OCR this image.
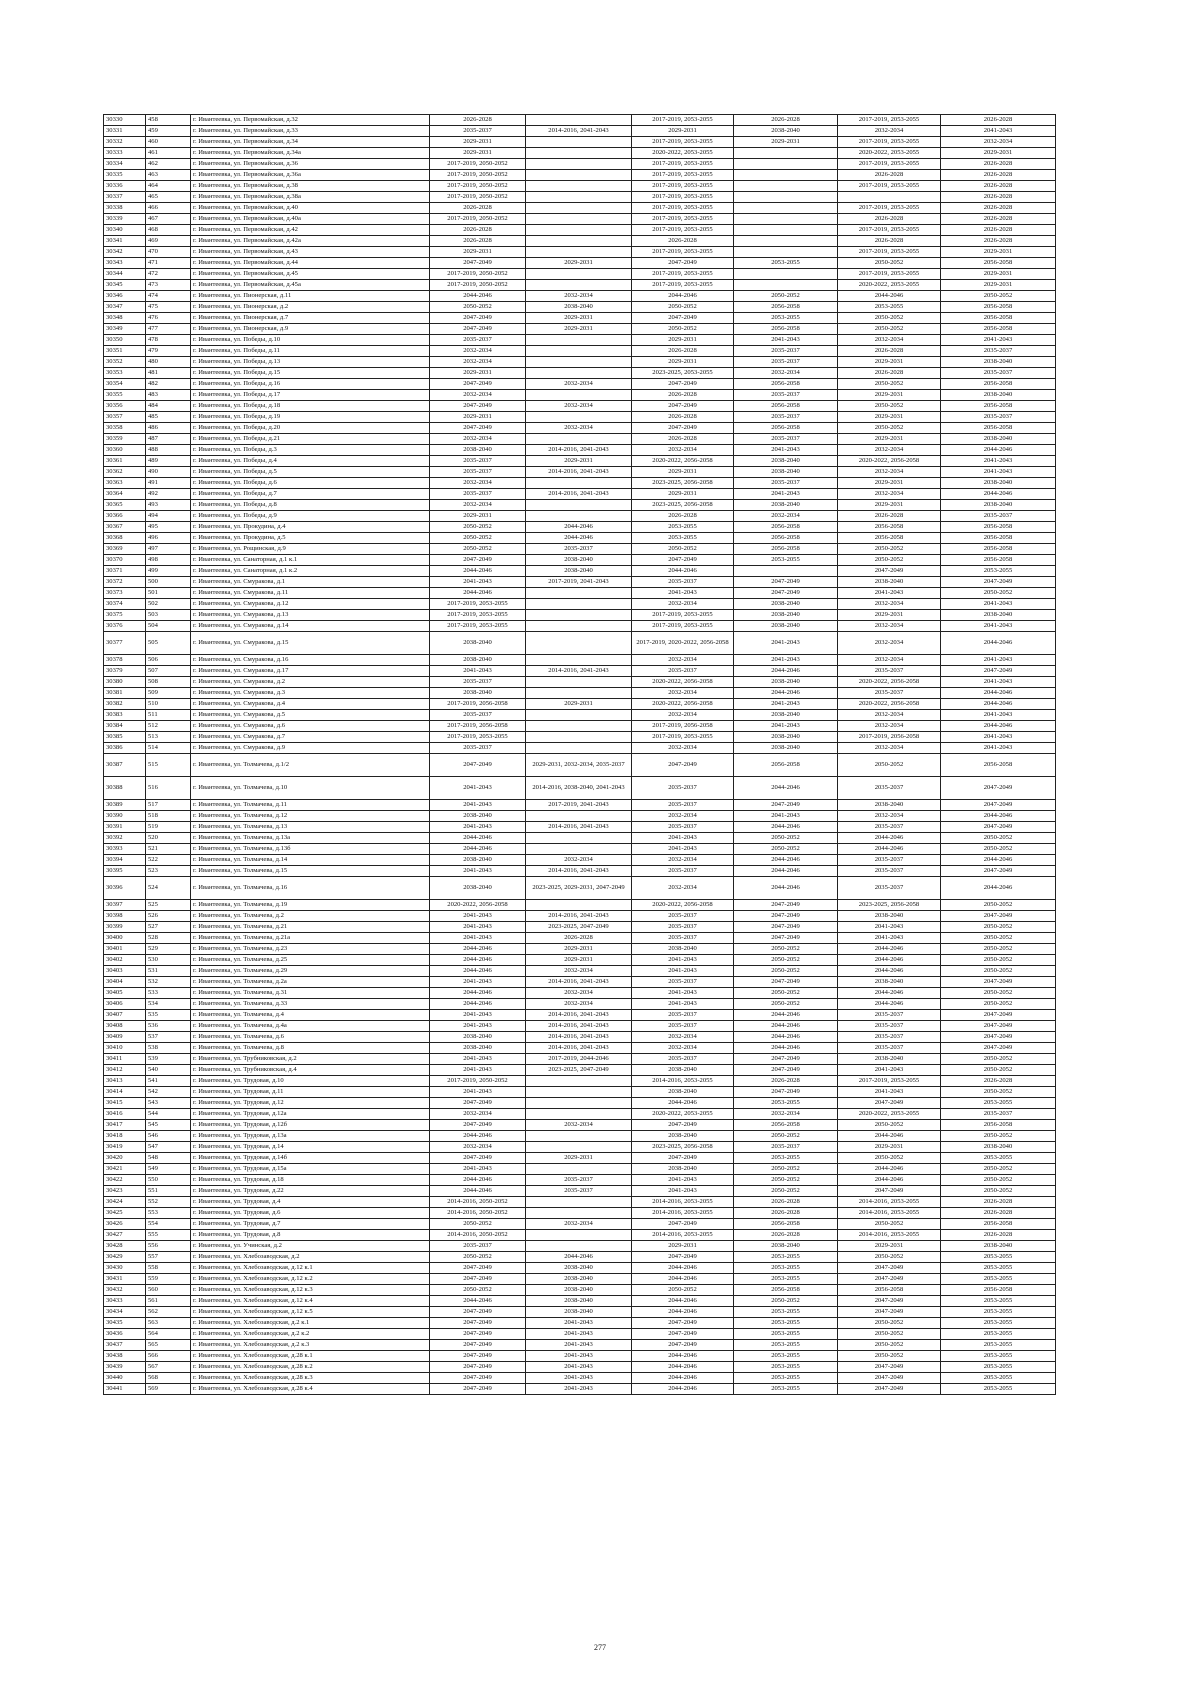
30330	458	г. Ивантеевка, ул. Первомайская, д.32	2026-2028		2017-2019, 2053-2055	2026-2028	2017-2019, 2053-2055	2026-2028
30331	459	г. Ивантеевка, ул. Первомайская, д.33	2035-2037	2014-2016, 2041-2043	2029-2031	2038-2040	2032-2034	2041-2043
30332	460	г. Ивантеевка, ул. Первомайская, д.34	2029-2031		2017-2019, 2053-2055	2029-2031	2017-2019, 2053-2055	2032-2034
30333	461	г. Ивантеевка, ул. Первомайская, д.34а	2029-2031		2020-2022, 2053-2055		2020-2022, 2053-2055	2029-2031
30334	462	г. Ивантеевка, ул. Первомайская, д.36	2017-2019, 2050-2052		2017-2019, 2053-2055		2017-2019, 2053-2055	2026-2028
30335	463	г. Ивантеевка, ул. Первомайская, д.36а	2017-2019, 2050-2052		2017-2019, 2053-2055		2026-2028	2026-2028
30336	464	г. Ивантеевка, ул. Первомайская, д.38	2017-2019, 2050-2052		2017-2019, 2053-2055		2017-2019, 2053-2055	2026-2028
30337	465	г. Ивантеевка, ул. Первомайская, д.38а	2017-2019, 2050-2052		2017-2019, 2053-2055			2026-2028
30338	466	г. Ивантеевка, ул. Первомайская, д.40	2026-2028		2017-2019, 2053-2055		2017-2019, 2053-2055	2026-2028
30339	467	г. Ивантеевка, ул. Первомайская, д.40а	2017-2019, 2050-2052		2017-2019, 2053-2055		2026-2028	2026-2028
30340	468	г. Ивантеевка, ул. Первомайская, д.42	2026-2028		2017-2019, 2053-2055		2017-2019, 2053-2055	2026-2028
30341	469	г. Ивантеевка, ул. Первомайская, д.42а	2026-2028		2026-2028		2026-2028	2026-2028
30342	470	г. Ивантеевка, ул. Первомайская, д.43	2029-2031		2017-2019, 2053-2055		2017-2019, 2053-2055	2029-2031
30343	471	г. Ивантеевка, ул. Первомайская, д.44	2047-2049	2029-2031	2047-2049	2053-2055	2050-2052	2056-2058
30344	472	г. Ивантеевка, ул. Первомайская, д.45	2017-2019, 2050-2052		2017-2019, 2053-2055		2017-2019, 2053-2055	2029-2031
30345	473	г. Ивантеевка, ул. Первомайская, д.45а	2017-2019, 2050-2052		2017-2019, 2053-2055		2020-2022, 2053-2055	2029-2031
30346	474	г. Ивантеевка, ул. Пионерская, д.11	2044-2046	2032-2034	2044-2046	2050-2052	2044-2046	2050-2052
30347	475	г. Ивантеевка, ул. Пионерская, д.2	2050-2052	2038-2040	2050-2052	2056-2058	2053-2055	2056-2058
30348	476	г. Ивантеевка, ул. Пионерская, д.7	2047-2049	2029-2031	2047-2049	2053-2055	2050-2052	2056-2058
30349	477	г. Ивантеевка, ул. Пионерская, д.9	2047-2049	2029-2031	2050-2052	2056-2058	2050-2052	2056-2058
30350	478	г. Ивантеевка, ул. Победы, д.10	2035-2037		2029-2031	2041-2043	2032-2034	2041-2043
30351	479	г. Ивантеевка, ул. Победы, д.11	2032-2034		2026-2028	2035-2037	2026-2028	2035-2037
30352	480	г. Ивантеевка, ул. Победы, д.13	2032-2034		2029-2031	2035-2037	2029-2031	2038-2040
30353	481	г. Ивантеевка, ул. Победы, д.15	2029-2031		2023-2025, 2053-2055	2032-2034	2026-2028	2035-2037
30354	482	г. Ивантеевка, ул. Победы, д.16	2047-2049	2032-2034	2047-2049	2056-2058	2050-2052	2056-2058
30355	483	г. Ивантеевка, ул. Победы, д.17	2032-2034		2026-2028	2035-2037	2029-2031	2038-2040
30356	484	г. Ивантеевка, ул. Победы, д.18	2047-2049	2032-2034	2047-2049	2056-2058	2050-2052	2056-2058
30357	485	г. Ивантеевка, ул. Победы, д.19	2029-2031		2026-2028	2035-2037	2029-2031	2035-2037
30358	486	г. Ивантеевка, ул. Победы, д.20	2047-2049	2032-2034	2047-2049	2056-2058	2050-2052	2056-2058
30359	487	г. Ивантеевка, ул. Победы, д.21	2032-2034		2026-2028	2035-2037	2029-2031	2038-2040
30360	488	г. Ивантеевка, ул. Победы, д.3	2038-2040	2014-2016, 2041-2043	2032-2034	2041-2043	2032-2034	2044-2046
30361	489	г. Ивантеевка, ул. Победы, д.4	2035-2037	2029-2031	2020-2022, 2056-2058	2038-2040	2020-2022, 2056-2058	2041-2043
30362	490	г. Ивантеевка, ул. Победы, д.5	2035-2037	2014-2016, 2041-2043	2029-2031	2038-2040	2032-2034	2041-2043
30363	491	г. Ивантеевка, ул. Победы, д.6	2032-2034		2023-2025, 2056-2058	2035-2037	2029-2031	2038-2040
30364	492	г. Ивантеевка, ул. Победы, д.7	2035-2037	2014-2016, 2041-2043	2029-2031	2041-2043	2032-2034	2044-2046
30365	493	г. Ивантеевка, ул. Победы, д.8	2032-2034		2023-2025, 2056-2058	2038-2040	2029-2031	2038-2040
30366	494	г. Ивантеевка, ул. Победы, д.9	2029-2031		2026-2028	2032-2034	2026-2028	2035-2037
30367	495	г. Ивантеевка, ул. Прокудина, д.4	2050-2052	2044-2046	2053-2055	2056-2058	2056-2058	2056-2058
30368	496	г. Ивантеевка, ул. Прокудина, д.5	2050-2052	2044-2046	2053-2055	2056-2058	2056-2058	2056-2058
30369	497	г. Ивантеевка, ул. Рощинская, д.9	2050-2052	2035-2037	2050-2052	2056-2058	2050-2052	2056-2058
30370	498	г. Ивантеевка, ул. Санаторная, д.1 к.1	2047-2049	2038-2040	2047-2049	2053-2055	2050-2052	2056-2058
30371	499	г. Ивантеевка, ул. Санаторная, д.1 к.2	2044-2046	2038-2040	2044-2046		2047-2049	2053-2055
30372	500	г. Ивантеевка, ул. Смуракова, д.1	2041-2043	2017-2019, 2041-2043	2035-2037	2047-2049	2038-2040	2047-2049
30373	501	г. Ивантеевка, ул. Смуракова, д.11	2044-2046		2041-2043	2047-2049	2041-2043	2050-2052
30374	502	г. Ивантеевка, ул. Смуракова, д.12	2017-2019, 2053-2055		2032-2034	2038-2040	2032-2034	2041-2043
30375	503	г. Ивантеевка, ул. Смуракова, д.13	2017-2019, 2053-2055		2017-2019, 2053-2055	2038-2040	2029-2031	2038-2040
30376	504	г. Ивантеевка, ул. Смуракова, д.14	2017-2019, 2053-2055		2017-2019, 2053-2055	2038-2040	2032-2034	2041-2043
30377	505	г. Ивантеевка, ул. Смуракова, д.15	2038-2040		2017-2019, 2020-2022, 2056-2058	2041-2043	2032-2034	2044-2046
30378	506	г. Ивантеевка, ул. Смуракова, д.16	2038-2040		2032-2034	2041-2043	2032-2034	2041-2043
30379	507	г. Ивантеевка, ул. Смуракова, д.17	2041-2043	2014-2016, 2041-2043	2035-2037	2044-2046	2035-2037	2047-2049
30380	508	г. Ивантеевка, ул. Смуракова, д.2	2035-2037		2020-2022, 2056-2058	2038-2040	2020-2022, 2056-2058	2041-2043
30381	509	г. Ивантеевка, ул. Смуракова, д.3	2038-2040		2032-2034	2044-2046	2035-2037	2044-2046
30382	510	г. Ивантеевка, ул. Смуракова, д.4	2017-2019, 2056-2058	2029-2031	2020-2022, 2056-2058	2041-2043	2020-2022, 2056-2058	2044-2046
30383	511	г. Ивантеевка, ул. Смуракова, д.5	2035-2037		2032-2034	2038-2040	2032-2034	2041-2043
30384	512	г. Ивантеевка, ул. Смуракова, д.6	2017-2019, 2056-2058		2017-2019, 2056-2058	2041-2043	2032-2034	2044-2046
30385	513	г. Ивантеевка, ул. Смуракова, д.7	2017-2019, 2053-2055		2017-2019, 2053-2055	2038-2040	2017-2019, 2056-2058	2041-2043
30386	514	г. Ивантеевка, ул. Смуракова, д.9	2035-2037		2032-2034	2038-2040	2032-2034	2041-2043
30387	515	г. Ивантеевка, ул. Толмачева, д.1/2	2047-2049	2029-2031, 2032-2034, 2035-2037	2047-2049	2056-2058	2050-2052	2056-2058
30388	516	г. Ивантеевка, ул. Толмачева, д.10	2041-2043	2014-2016, 2038-2040, 2041-2043	2035-2037	2044-2046	2035-2037	2047-2049
30389	517	г. Ивантеевка, ул. Толмачева, д.11	2041-2043	2017-2019, 2041-2043	2035-2037	2047-2049	2038-2040	2047-2049
30390	518	г. Ивантеевка, ул. Толмачева, д.12	2038-2040		2032-2034	2041-2043	2032-2034	2044-2046
30391	519	г. Ивантеевка, ул. Толмачева, д.13	2041-2043	2014-2016, 2041-2043	2035-2037	2044-2046	2035-2037	2047-2049
30392	520	г. Ивантеевка, ул. Толмачева, д.13а	2044-2046		2041-2043	2050-2052	2044-2046	2050-2052
30393	521	г. Ивантеевка, ул. Толмачева, д.13б	2044-2046		2041-2043	2050-2052	2044-2046	2050-2052
30394	522	г. Ивантеевка, ул. Толмачева, д.14	2038-2040	2032-2034	2032-2034	2044-2046	2035-2037	2044-2046
30395	523	г. Ивантеевка, ул. Толмачева, д.15	2041-2043	2014-2016, 2041-2043	2035-2037	2044-2046	2035-2037	2047-2049
30396	524	г. Ивантеевка, ул. Толмачева, д.16	2038-2040	2023-2025, 2029-2031, 2047-2049	2032-2034	2044-2046	2035-2037	2044-2046
30397	525	г. Ивантеевка, ул. Толмачева, д.19	2020-2022, 2056-2058		2020-2022, 2056-2058	2047-2049	2023-2025, 2056-2058	2050-2052
30398	526	г. Ивантеевка, ул. Толмачева, д.2	2041-2043	2014-2016, 2041-2043	2035-2037	2047-2049	2038-2040	2047-2049
30399	527	г. Ивантеевка, ул. Толмачева, д.21	2041-2043	2023-2025, 2047-2049	2035-2037	2047-2049	2041-2043	2050-2052
30400	528	г. Ивантеевка, ул. Толмачева, д.21а	2041-2043	2026-2028	2035-2037	2047-2049	2041-2043	2050-2052
30401	529	г. Ивантеевка, ул. Толмачева, д.23	2044-2046	2029-2031	2038-2040	2050-2052	2044-2046	2050-2052
30402	530	г. Ивантеевка, ул. Толмачева, д.25	2044-2046	2029-2031	2041-2043	2050-2052	2044-2046	2050-2052
30403	531	г. Ивантеевка, ул. Толмачева, д.29	2044-2046	2032-2034	2041-2043	2050-2052	2044-2046	2050-2052
30404	532	г. Ивантеевка, ул. Толмачева, д.2а	2041-2043	2014-2016, 2041-2043	2035-2037	2047-2049	2038-2040	2047-2049
30405	533	г. Ивантеевка, ул. Толмачева, д.31	2044-2046	2032-2034	2041-2043	2050-2052	2044-2046	2050-2052
30406	534	г. Ивантеевка, ул. Толмачева, д.33	2044-2046	2032-2034	2041-2043	2050-2052	2044-2046	2050-2052
30407	535	г. Ивантеевка, ул. Толмачева, д.4	2041-2043	2014-2016, 2041-2043	2035-2037	2044-2046	2035-2037	2047-2049
30408	536	г. Ивантеевка, ул. Толмачева, д.4а	2041-2043	2014-2016, 2041-2043	2035-2037	2044-2046	2035-2037	2047-2049
30409	537	г. Ивантеевка, ул. Толмачева, д.6	2038-2040	2014-2016, 2041-2043	2032-2034	2044-2046	2035-2037	2047-2049
30410	538	г. Ивантеевка, ул. Толмачева, д.8	2038-2040	2014-2016, 2041-2043	2032-2034	2044-2046	2035-2037	2047-2049
30411	539	г. Ивантеевка, ул. Трубниковская, д.2	2041-2043	2017-2019, 2044-2046	2035-2037	2047-2049	2038-2040	2050-2052
30412	540	г. Ивантеевка, ул. Трубниковская, д.4	2041-2043	2023-2025, 2047-2049	2038-2040	2047-2049	2041-2043	2050-2052
30413	541	г. Ивантеевка, ул. Трудовая, д.10	2017-2019, 2050-2052		2014-2016, 2053-2055	2026-2028	2017-2019, 2053-2055	2026-2028
30414	542	г. Ивантеевка, ул. Трудовая, д.11	2041-2043		2038-2040	2047-2049	2041-2043	2050-2052
30415	543	г. Ивантеевка, ул. Трудовая, д.12	2047-2049		2044-2046	2053-2055	2047-2049	2053-2055
30416	544	г. Ивантеевка, ул. Трудовая, д.12а	2032-2034		2020-2022, 2053-2055	2032-2034	2020-2022, 2053-2055	2035-2037
30417	545	г. Ивантеевка, ул. Трудовая, д.12б	2047-2049	2032-2034	2047-2049	2056-2058	2050-2052	2056-2058
30418	546	г. Ивантеевка, ул. Трудовая, д.13а	2044-2046		2038-2040	2050-2052	2044-2046	2050-2052
30419	547	г. Ивантеевка, ул. Трудовая, д.14	2032-2034		2023-2025, 2056-2058	2035-2037	2029-2031	2038-2040
30420	548	г. Ивантеевка, ул. Трудовая, д.14б	2047-2049	2029-2031	2047-2049	2053-2055	2050-2052	2053-2055
30421	549	г. Ивантеевка, ул. Трудовая, д.15а	2041-2043		2038-2040	2050-2052	2044-2046	2050-2052
30422	550	г. Ивантеевка, ул. Трудовая, д.18	2044-2046	2035-2037	2041-2043	2050-2052	2044-2046	2050-2052
30423	551	г. Ивантеевка, ул. Трудовая, д.22	2044-2046	2035-2037	2041-2043	2050-2052	2047-2049	2050-2052
30424	552	г. Ивантеевка, ул. Трудовая, д.4	2014-2016, 2050-2052		2014-2016, 2053-2055	2026-2028	2014-2016, 2053-2055	2026-2028
30425	553	г. Ивантеевка, ул. Трудовая, д.6	2014-2016, 2050-2052		2014-2016, 2053-2055	2026-2028	2014-2016, 2053-2055	2026-2028
30426	554	г. Ивантеевка, ул. Трудовая, д.7	2050-2052	2032-2034	2047-2049	2056-2058	2050-2052	2056-2058
30427	555	г. Ивантеевка, ул. Трудовая, д.8	2014-2016, 2050-2052		2014-2016, 2053-2055	2026-2028	2014-2016, 2053-2055	2026-2028
30428	556	г. Ивантеевка, ул. Учинская, д.2	2035-2037		2029-2031	2038-2040	2029-2031	2038-2040
30429	557	г. Ивантеевка, ул. Хлебозаводская, д.2	2050-2052	2044-2046	2047-2049	2053-2055	2050-2052	2053-2055
30430	558	г. Ивантеевка, ул. Хлебозаводская, д.12 к.1	2047-2049	2038-2040	2044-2046	2053-2055	2047-2049	2053-2055
30431	559	г. Ивантеевка, ул. Хлебозаводская, д.12 к.2	2047-2049	2038-2040	2044-2046	2053-2055	2047-2049	2053-2055
30432	560	г. Ивантеевка, ул. Хлебозаводская, д.12 к.3	2050-2052	2038-2040	2050-2052	2056-2058	2056-2058	2056-2058
30433	561	г. Ивантеевка, ул. Хлебозаводская, д.12 к.4	2044-2046	2038-2040	2044-2046	2050-2052	2047-2049	2053-2055
30434	562	г. Ивантеевка, ул. Хлебозаводская, д.12 к.5	2047-2049	2038-2040	2044-2046	2053-2055	2047-2049	2053-2055
30435	563	г. Ивантеевка, ул. Хлебозаводская, д.2 к.1	2047-2049	2041-2043	2047-2049	2053-2055	2050-2052	2053-2055
30436	564	г. Ивантеевка, ул. Хлебозаводская, д.2 к.2	2047-2049	2041-2043	2047-2049	2053-2055	2050-2052	2053-2055
30437	565	г. Ивантеевка, ул. Хлебозаводская, д.2 к.3	2047-2049	2041-2043	2047-2049	2053-2055	2050-2052	2053-2055
30438	566	г. Ивантеевка, ул. Хлебозаводская, д.28 к.1	2047-2049	2041-2043	2044-2046	2053-2055	2050-2052	2053-2055
30439	567	г. Ивантеевка, ул. Хлебозаводская, д.28 к.2	2047-2049	2041-2043	2044-2046	2053-2055	2047-2049	2053-2055
30440	568	г. Ивантеевка, ул. Хлебозаводская, д.28 к.3	2047-2049	2041-2043	2044-2046	2053-2055	2047-2049	2053-2055
30441	569	г. Ивантеевка, ул. Хлебозаводская, д.28 к.4	2047-2049	2041-2043	2044-2046	2053-2055	2047-2049	2053-2055
277
